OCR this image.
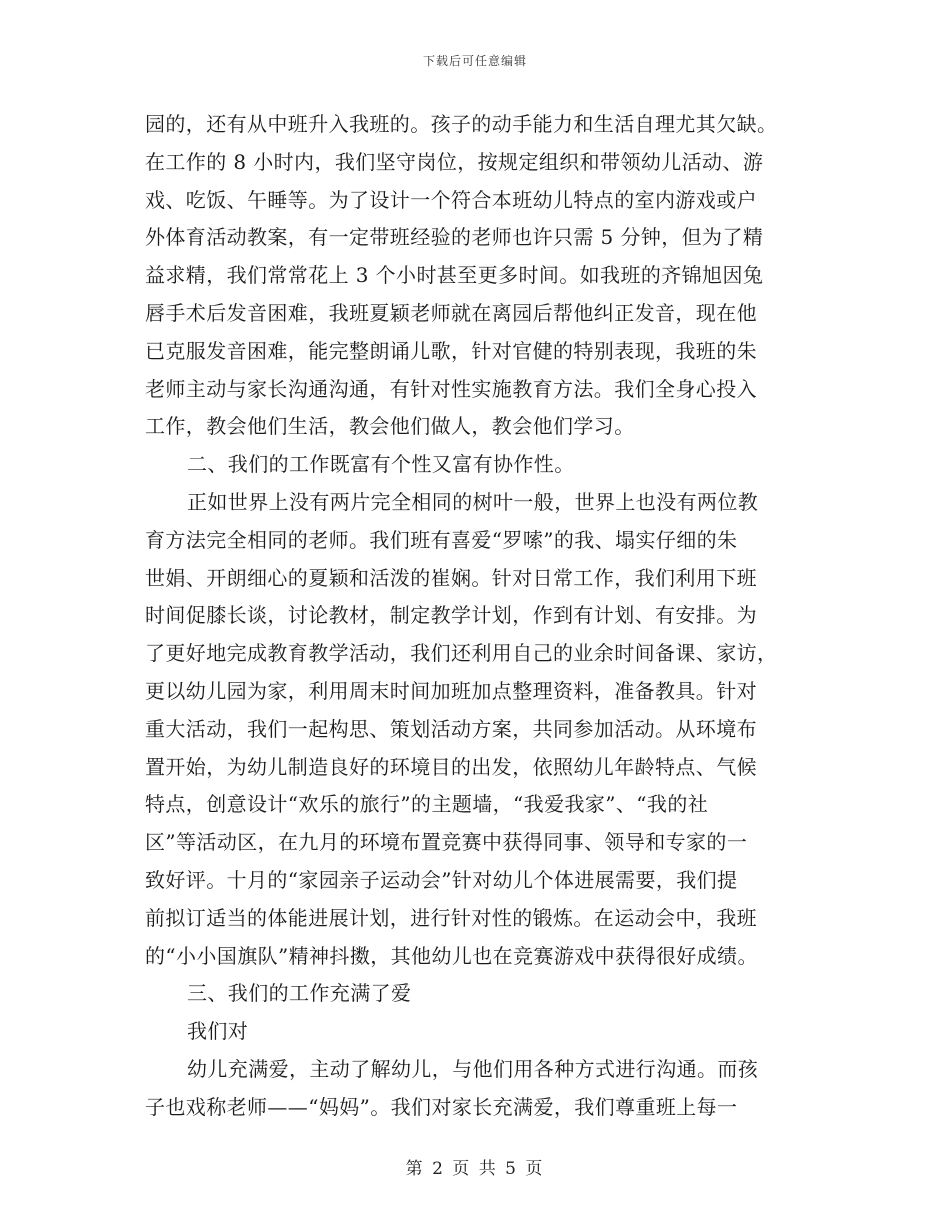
下载后可任意编辑
园的，还有从中班升入我班的。孩子的动手能力和生活自理尤其欠缺。
在工作的 8 小时内，我们坚守岗位，按规定组织和带领幼儿活动、游
戏、吃饭、午睡等。为了设计一个符合本班幼儿特点的室内游戏或户
外体育活动教案，有一定带班经验的老师也许只需 5 分钟，但为了精
益求精，我们常常花上 3 个小时甚至更多时间。如我班的齐锦旭因兔
唇手术后发音困难，我班夏颖老师就在离园后帮他纠正发音，现在他
已克服发音困难，能完整朗诵儿歌，针对官健的特别表现，我班的朱
老师主动与家长沟通沟通，有针对性实施教育方法。我们全身心投入
工作，教会他们生活，教会他们做人，教会他们学习。
二、我们的工作既富有个性又富有协作性。
正如世界上没有两片完全相同的树叶一般，世界上也没有两位教
育方法完全相同的老师。我们班有喜爱“罗嗦”的我、塌实仔细的朱
世娟、开朗细心的夏颖和活泼的崔娴。针对日常工作，我们利用下班
时间促膝长谈，讨论教材，制定教学计划，作到有计划、有安排。为
了更好地完成教育教学活动，我们还利用自己的业余时间备课、家访，
更以幼儿园为家，利用周末时间加班加点整理资料，准备教具。针对
重大活动，我们一起构思、策划活动方案，共同参加活动。从环境布
置开始，为幼儿制造良好的环境目的出发，依照幼儿年龄特点、气候
特点，创意设计“欢乐的旅行”的主题墙，“我爱我家”、“我的社
区”等活动区，在九月的环境布置竞赛中获得同事、领导和专家的一
致好评。十月的“家园亲子运动会”针对幼儿个体进展需要，我们提
前拟订适当的体能进展计划，进行针对性的锻炼。在运动会中，我班
的“小小国旗队”精神抖擞，其他幼儿也在竞赛游戏中获得很好成绩。
三、我们的工作充满了爱
我们对
幼儿充满爱，主动了解幼儿，与他们用各种方式进行沟通。而孩
子也戏称老师——“妈妈”。我们对家长充满爱，我们尊重班上每一
第 2 页 共 5 页
